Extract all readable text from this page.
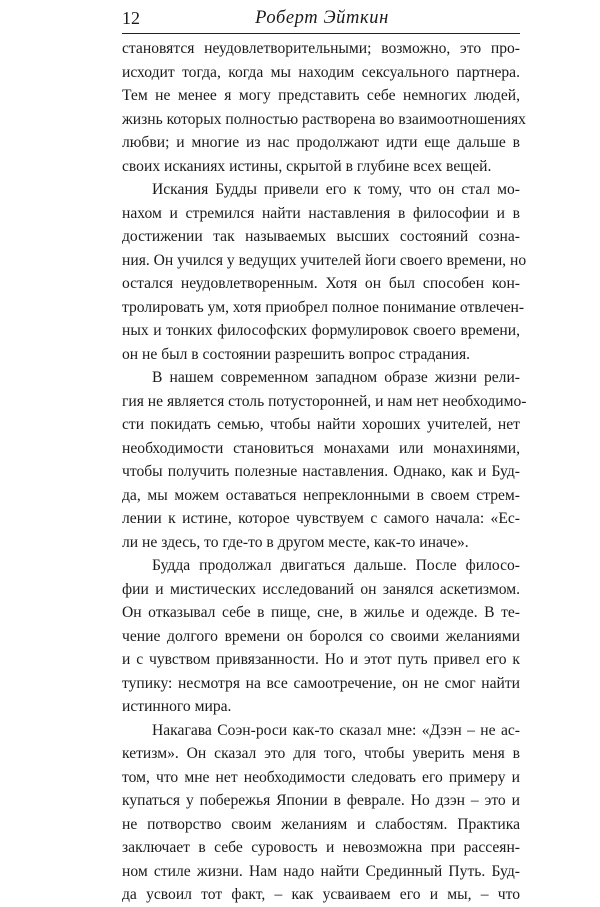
12	Роберт Эйткин
становятся неудовлетворительными; возможно, это про-
исходит тогда, когда мы находим сексуального партнера.
Тем не менее я могу представить себе немногих людей,
жизнь которых полностью растворена во взаимоотношениях
любви; и многие из нас продолжают идти еще дальше в
своих исканиях истины, скрытой в глубине всех вещей.
Искания Будды привели его к тому, что он стал мо-
нахом и стремился найти наставления в философии и в
достижении так называемых высших состояний созна-
ния. Он учился у ведущих учителей йоги своего времени, но
остался неудовлетворенным. Хотя он был способен кон-
тролировать ум, хотя приобрел полное понимание отвлечен-
ных и тонких философских формулировок своего времени,
он не был в состоянии разрешить вопрос страдания.
В нашем современном западном образе жизни рели-
гия не является столь потусторонней, и нам нет необходимо-
сти покидать семью, чтобы найти хороших учителей, нет
необходимости становиться монахами или монахинями,
чтобы получить полезные наставления. Однако, как и Буд-
да, мы можем оставаться непреклонными в своем стрем-
лении к истине, которое чувствуем с самого начала: «Ес-
ли не здесь, то где-то в другом месте, как-то иначе».
Будда продолжал двигаться дальше. После филосо-
фии и мистических исследований он занялся аскетизмом.
Он отказывал себе в пище, сне, в жилье и одежде. В те-
чение долгого времени он боролся со своими желаниями
и с чувством привязанности. Но и этот путь привел его к
тупику: несмотря на все самоотречение, он не смог найти
истинного мира.
Накагава Соэн-роси как-то сказал мне: «Дзэн – не ас-
кетизм». Он сказал это для того, чтобы уверить меня в
том, что мне нет необходимости следовать его примеру и
купаться у побережья Японии в феврале. Но дзэн – это и
не потворство своим желаниям и слабостям. Практика
заключает в себе суровость и невозможна при рассеян-
ном стиле жизни. Нам надо найти Срединный Путь. Буд-
да усвоил тот факт, – как усваиваем его и мы, – что
